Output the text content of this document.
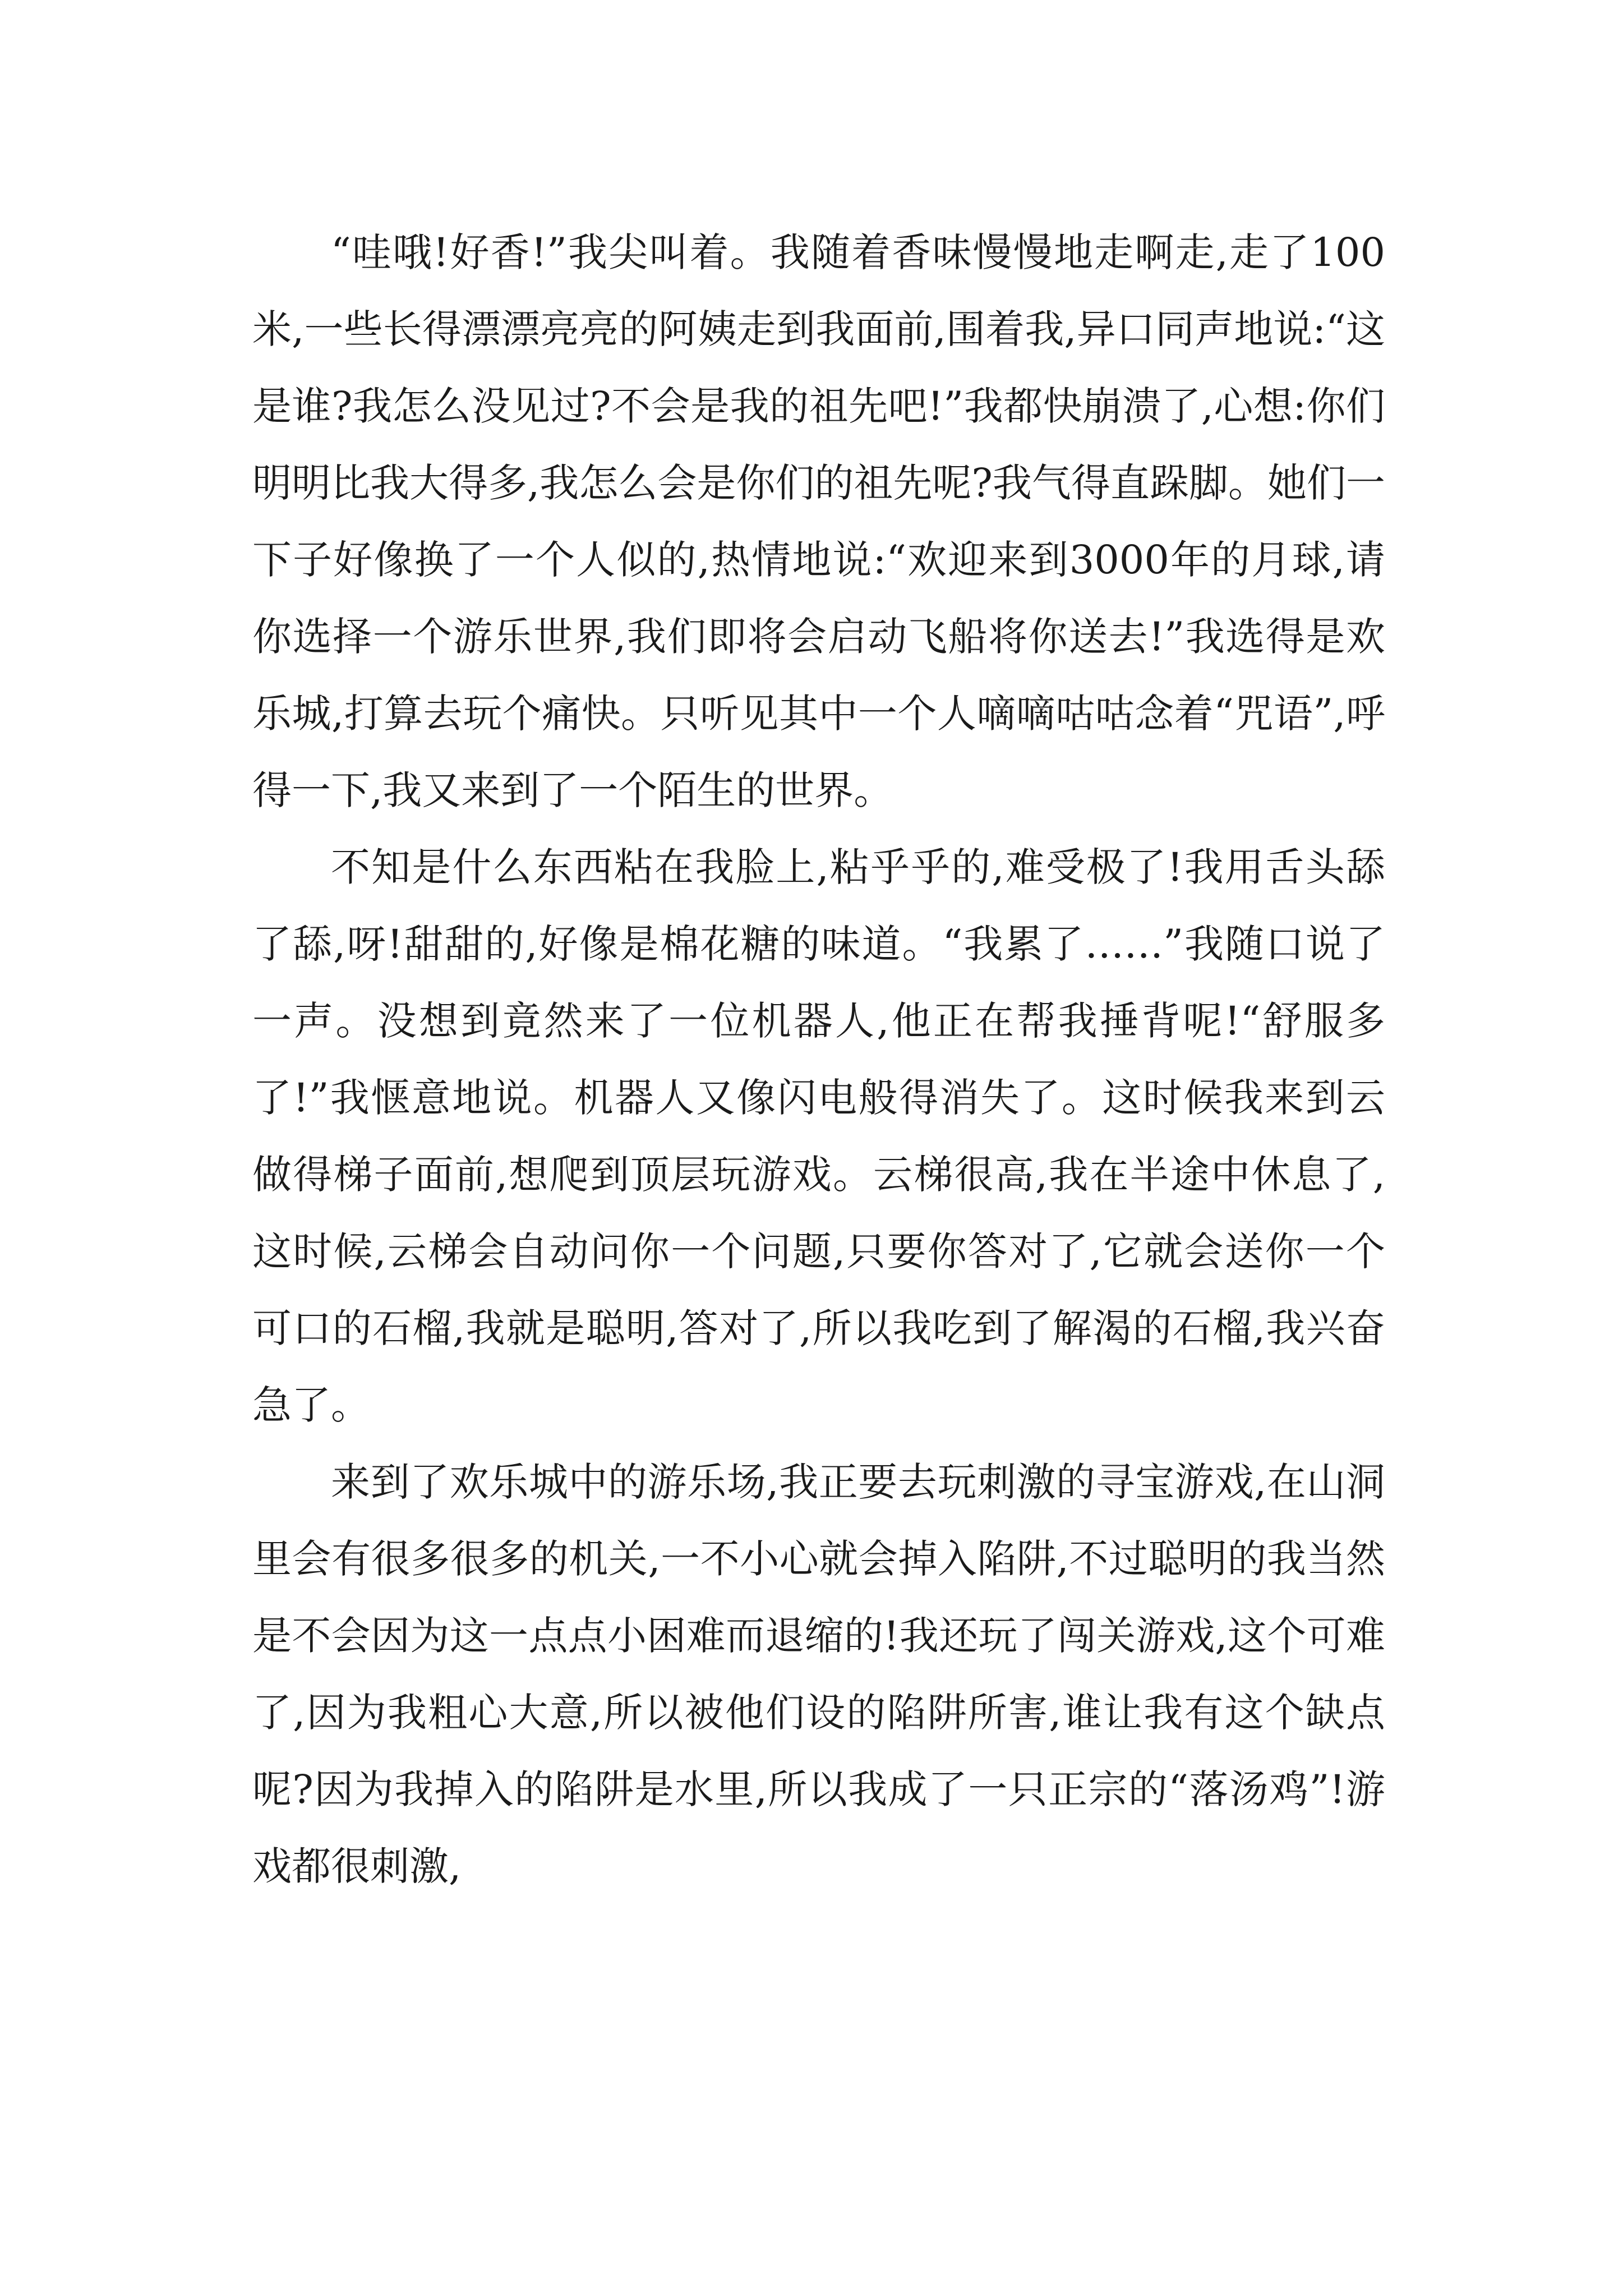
“哇哦!好香!”我尖叫着。我随着香味慢慢地走啊走,走了100米,一些长得漂漂亮亮的阿姨走到我面前,围着我,异口同声地说:“这是谁?我怎么没见过?不会是我的祖先吧!”我都快崩溃了,心想:你们明明比我大得多,我怎么会是你们的祖先呢?我气得直跺脚。她们一下子好像换了一个人似的,热情地说:“欢迎来到3000年的月球,请你选择一个游乐世界,我们即将会启动飞船将你送去!”我选得是欢乐城,打算去玩个痛快。只听见其中一个人嘀嘀咕咕念着“咒语”,呼得一下,我又来到了一个陌生的世界。

不知是什么东西粘在我脸上,粘乎乎的,难受极了!我用舌头舔了舔,呀!甜甜的,好像是棉花糖的味道。“我累了……”我随口说了一声。没想到竟然来了一位机器人,他正在帮我捶背呢!“舒服多了!”我惬意地说。机器人又像闪电般得消失了。这时候我来到云做得梯子面前,想爬到顶层玩游戏。云梯很高,我在半途中休息了,这时候,云梯会自动问你一个问题,只要你答对了,它就会送你一个可口的石榴,我就是聪明,答对了,所以我吃到了解渴的石榴,我兴奋急了。

来到了欢乐城中的游乐场,我正要去玩刺激的寻宝游戏,在山洞里会有很多很多的机关,一不小心就会掉入陷阱,不过聪明的我当然是不会因为这一点点小困难而退缩的!我还玩了闯关游戏,这个可难了,因为我粗心大意,所以被他们设的陷阱所害,谁让我有这个缺点呢?因为我掉入的陷阱是水里,所以我成了一只正宗的“落汤鸡”!游戏都很刺激,
